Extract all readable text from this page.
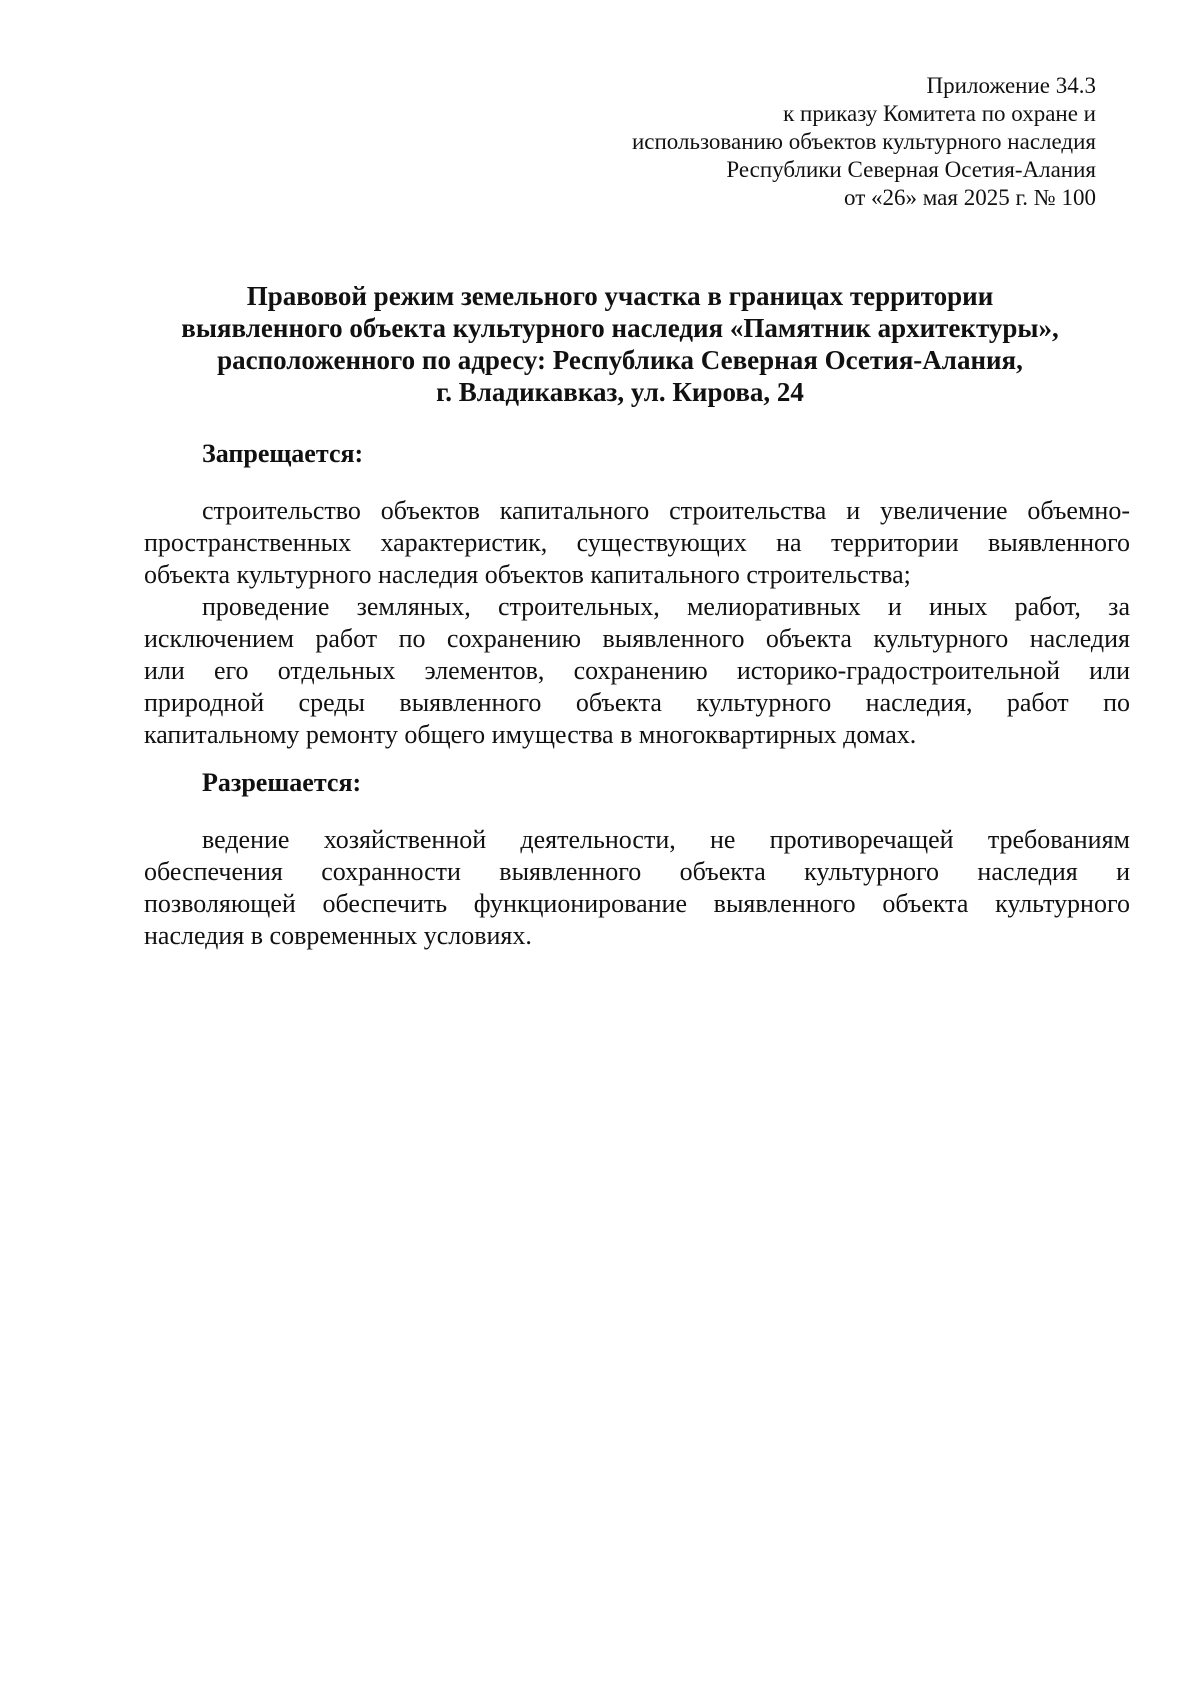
Приложение 34.3
к приказу Комитета по охране и
использованию объектов культурного наследия
Республики Северная Осетия-Алания
от «26» мая 2025 г. № 100
Правовой режим земельного участка в границах территории
выявленного объекта культурного наследия «Памятник архитектуры»,
расположенного по адресу: Республика Северная Осетия-Алания,
г. Владикавказ, ул. Кирова, 24
Запрещается:
строительство объектов капитального строительства и увеличение объемно-
пространственных характеристик, существующих на территории выявленного
объекта культурного наследия объектов капитального строительства;
проведение земляных, строительных, мелиоративных и иных работ, за
исключением работ по сохранению выявленного объекта культурного наследия
или его отдельных элементов, сохранению историко-градостроительной или
природной среды выявленного объекта культурного наследия, работ по
капитальному ремонту общего имущества в многоквартирных домах.
Разрешается:
ведение хозяйственной деятельности, не противоречащей требованиям
обеспечения сохранности выявленного объекта культурного наследия и
позволяющей обеспечить функционирование выявленного объекта культурного
наследия в современных условиях.
